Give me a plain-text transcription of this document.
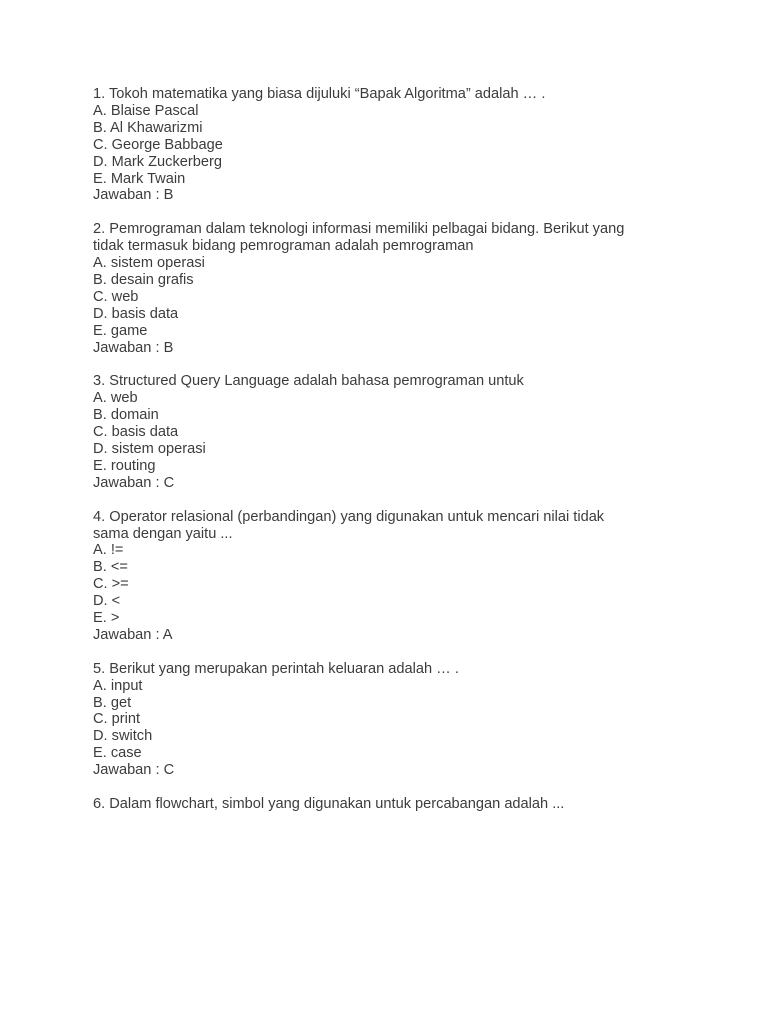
1. Tokoh matematika yang biasa dijuluki “Bapak Algoritma” adalah … .
A. Blaise Pascal
B. Al Khawarizmi
C. George Babbage
D. Mark Zuckerberg
E. Mark Twain
Jawaban : B
2. Pemrograman dalam teknologi informasi memiliki pelbagai bidang. Berikut yang
tidak termasuk bidang pemrograman adalah pemrograman
A. sistem operasi
B. desain grafis
C. web
D. basis data
E. game
Jawaban : B
3. Structured Query Language adalah bahasa pemrograman untuk
A. web
B. domain
C. basis data
D. sistem operasi
E. routing
Jawaban : C
4. Operator relasional (perbandingan) yang digunakan untuk mencari nilai tidak
sama dengan yaitu ...
A. !=
B. <=
C. >=
D. <
E. >
Jawaban : A
5. Berikut yang merupakan perintah keluaran adalah … .
A. input
B. get
C. print
D. switch
E. case
Jawaban : C
6. Dalam flowchart, simbol yang digunakan untuk percabangan adalah ...
